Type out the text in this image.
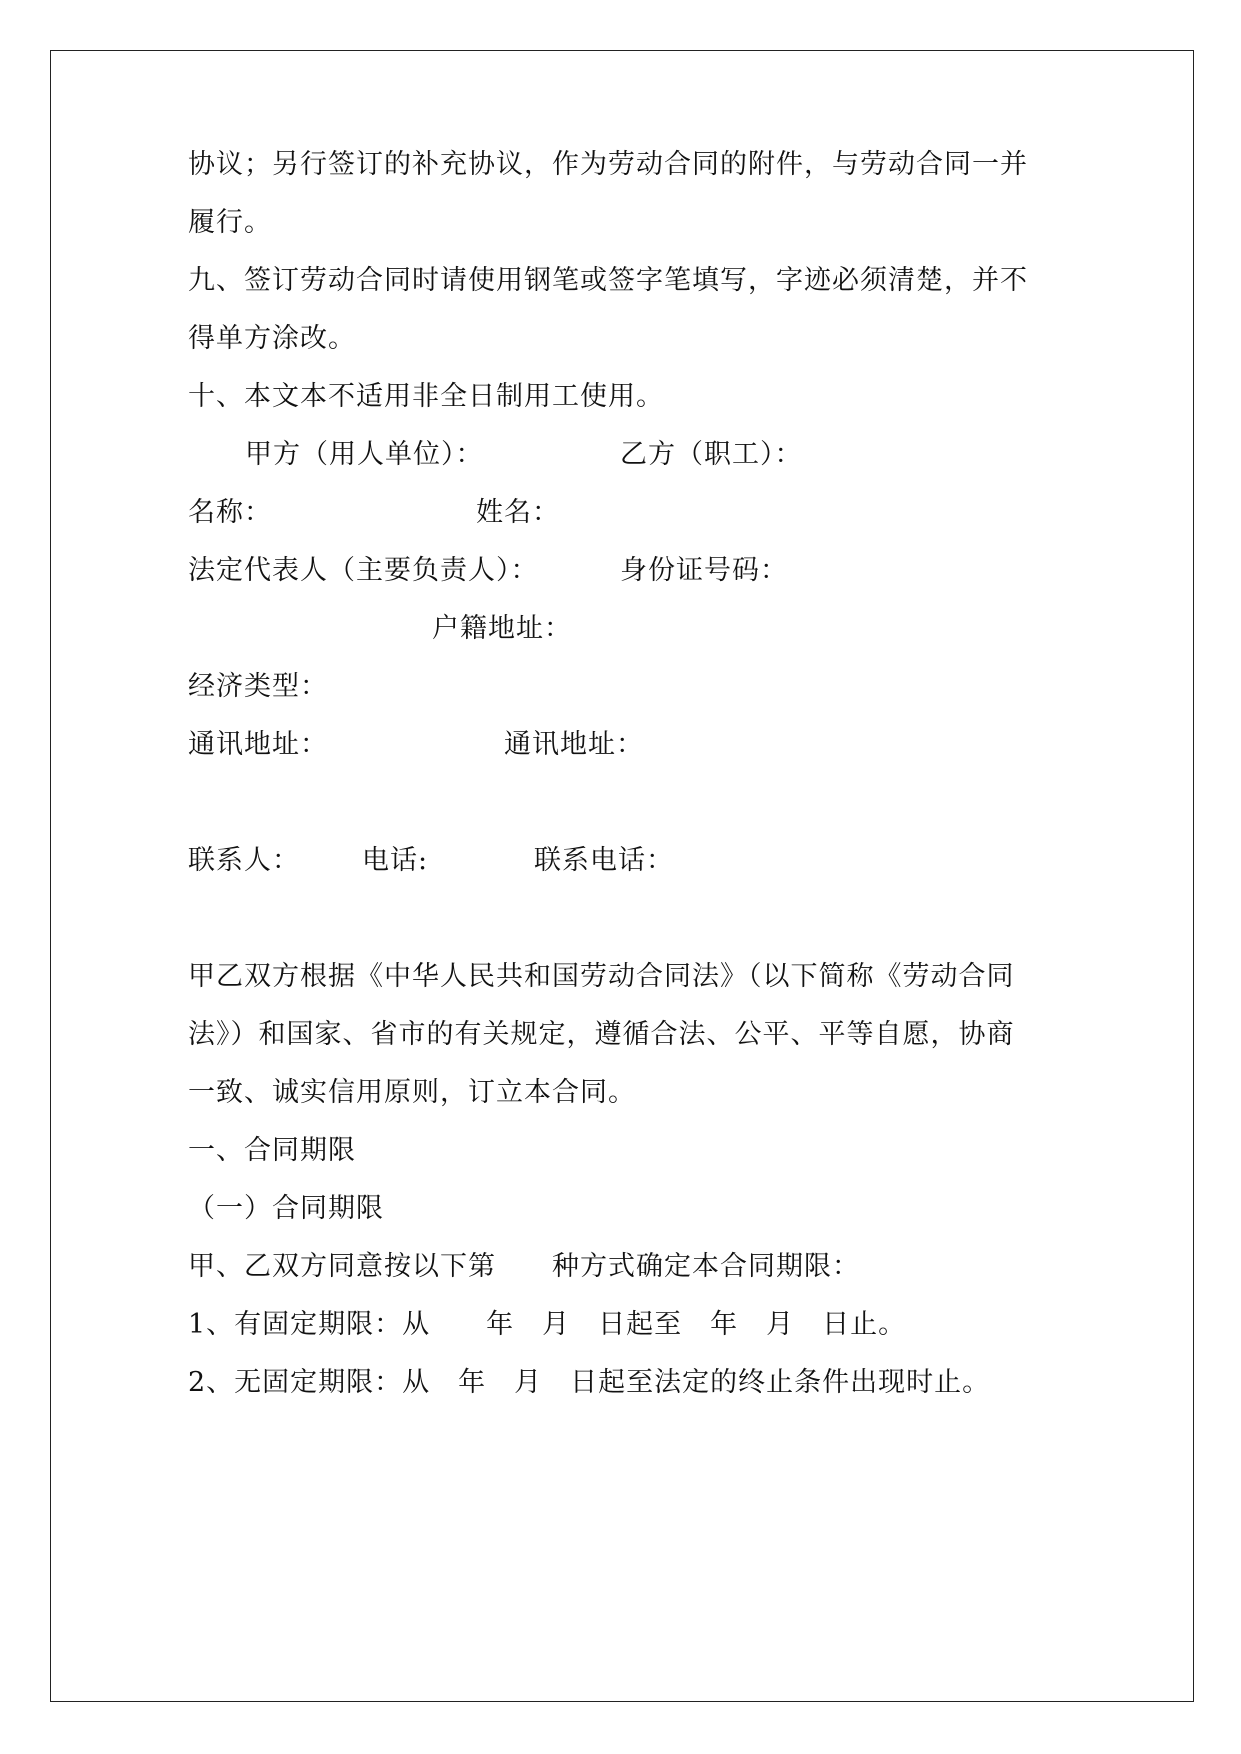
协议；另行签订的补充协议，作为劳动合同的附件，与劳动合同一并
履行。
九、签订劳动合同时请使用钢笔或签字笔填写，字迹必须清楚，并不
得单方涂改。
十、本文本不适用非全日制用工使用。
甲方（用人单位）：	乙方（职工）：
名称：	姓名：
法定代表人（主要负责人）：	身份证号码：
户籍地址：
经济类型：
通讯地址：	通讯地址：
联系人： 电话:	联系电话：
甲乙双方根据《中华人民共和国劳动合同法》（以下简称《劳动合同
法》）和国家、省市的有关规定，遵循合法、公平、平等自愿，协商
一致、诚实信用原则，订立本合同。
一、合同期限
（一）合同期限
甲、乙双方同意按以下第　　种方式确定本合同期限：
1、有固定期限：从　　年　月　日起至　年　月　日止。
2、无固定期限：从　年　月　日起至法定的终止条件出现时止。
